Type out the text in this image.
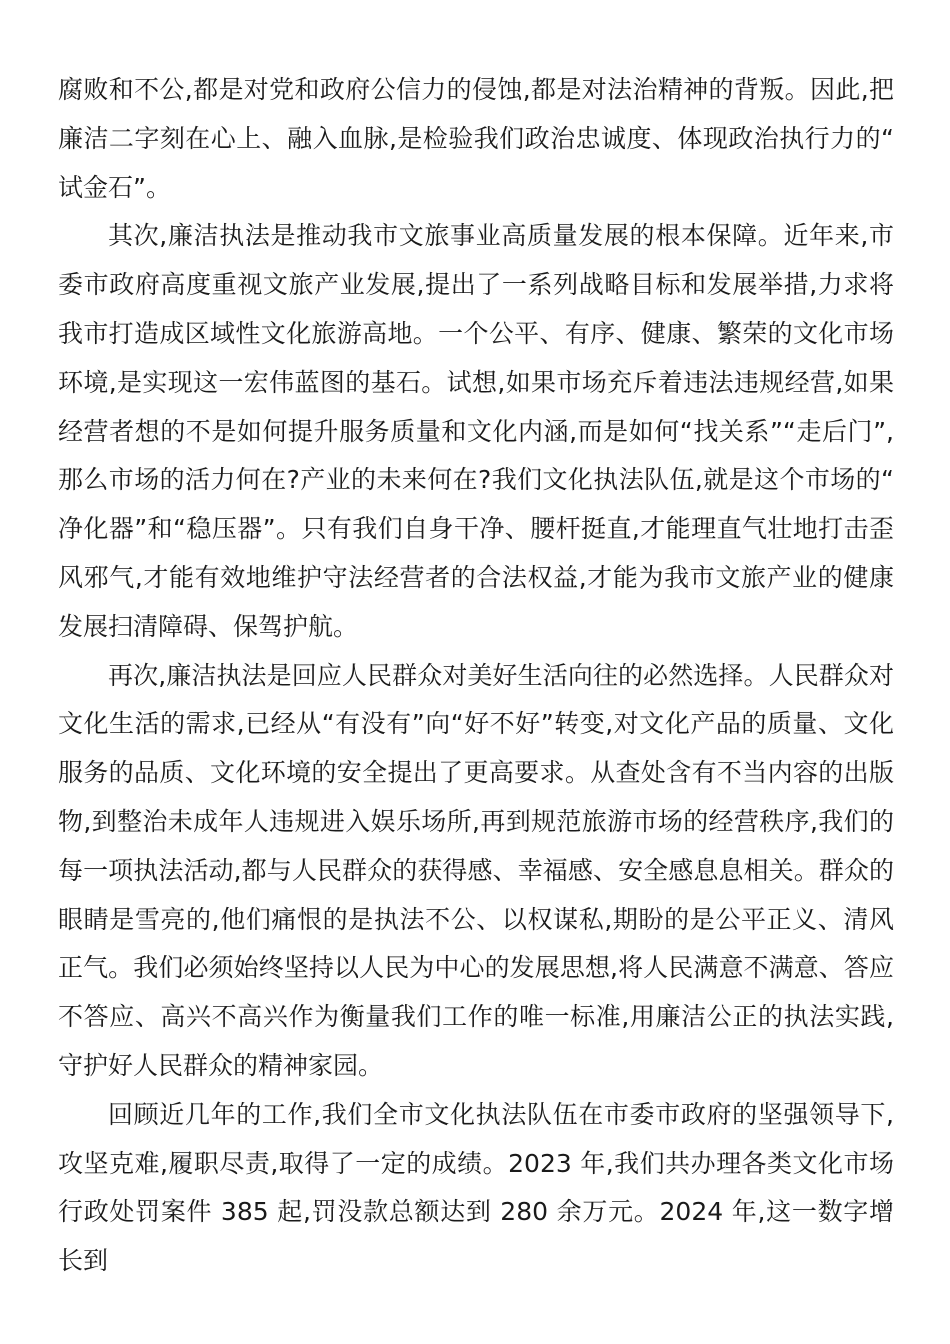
腐败和不公,都是对党和政府公信力的侵蚀,都是对法治精神的背叛。因此,把廉洁二字刻在心上、融入血脉,是检验我们政治忠诚度、体现政治执行力的“试金石”。

其次,廉洁执法是推动我市文旅事业高质量发展的根本保障。近年来,市委市政府高度重视文旅产业发展,提出了一系列战略目标和发展举措,力求将我市打造成区域性文化旅游高地。一个公平、有序、健康、繁荣的文化市场环境,是实现这一宏伟蓝图的基石。试想,如果市场充斥着违法违规经营,如果经营者想的不是如何提升服务质量和文化内涵,而是如何“找关系”“走后门”,那么市场的活力何在?产业的未来何在?我们文化执法队伍,就是这个市场的“净化器”和“稳压器”。只有我们自身干净、腰杆挺直,才能理直气壮地打击歪风邪气,才能有效地维护守法经营者的合法权益,才能为我市文旅产业的健康发展扫清障碍、保驾护航。

再次,廉洁执法是回应人民群众对美好生活向往的必然选择。人民群众对文化生活的需求,已经从“有没有”向“好不好”转变,对文化产品的质量、文化服务的品质、文化环境的安全提出了更高要求。从查处含有不当内容的出版物,到整治未成年人违规进入娱乐场所,再到规范旅游市场的经营秩序,我们的每一项执法活动,都与人民群众的获得感、幸福感、安全感息息相关。群众的眼睛是雪亮的,他们痛恨的是执法不公、以权谋私,期盼的是公平正义、清风正气。我们必须始终坚持以人民为中心的发展思想,将人民满意不满意、答应不答应、高兴不高兴作为衡量我们工作的唯一标准,用廉洁公正的执法实践,守护好人民群众的精神家园。

回顾近几年的工作,我们全市文化执法队伍在市委市政府的坚强领导下,攻坚克难,履职尽责,取得了一定的成绩。2023 年,我们共办理各类文化市场行政处罚案件 385 起,罚没款总额达到 280 余万元。2024 年,这一数字增长到
